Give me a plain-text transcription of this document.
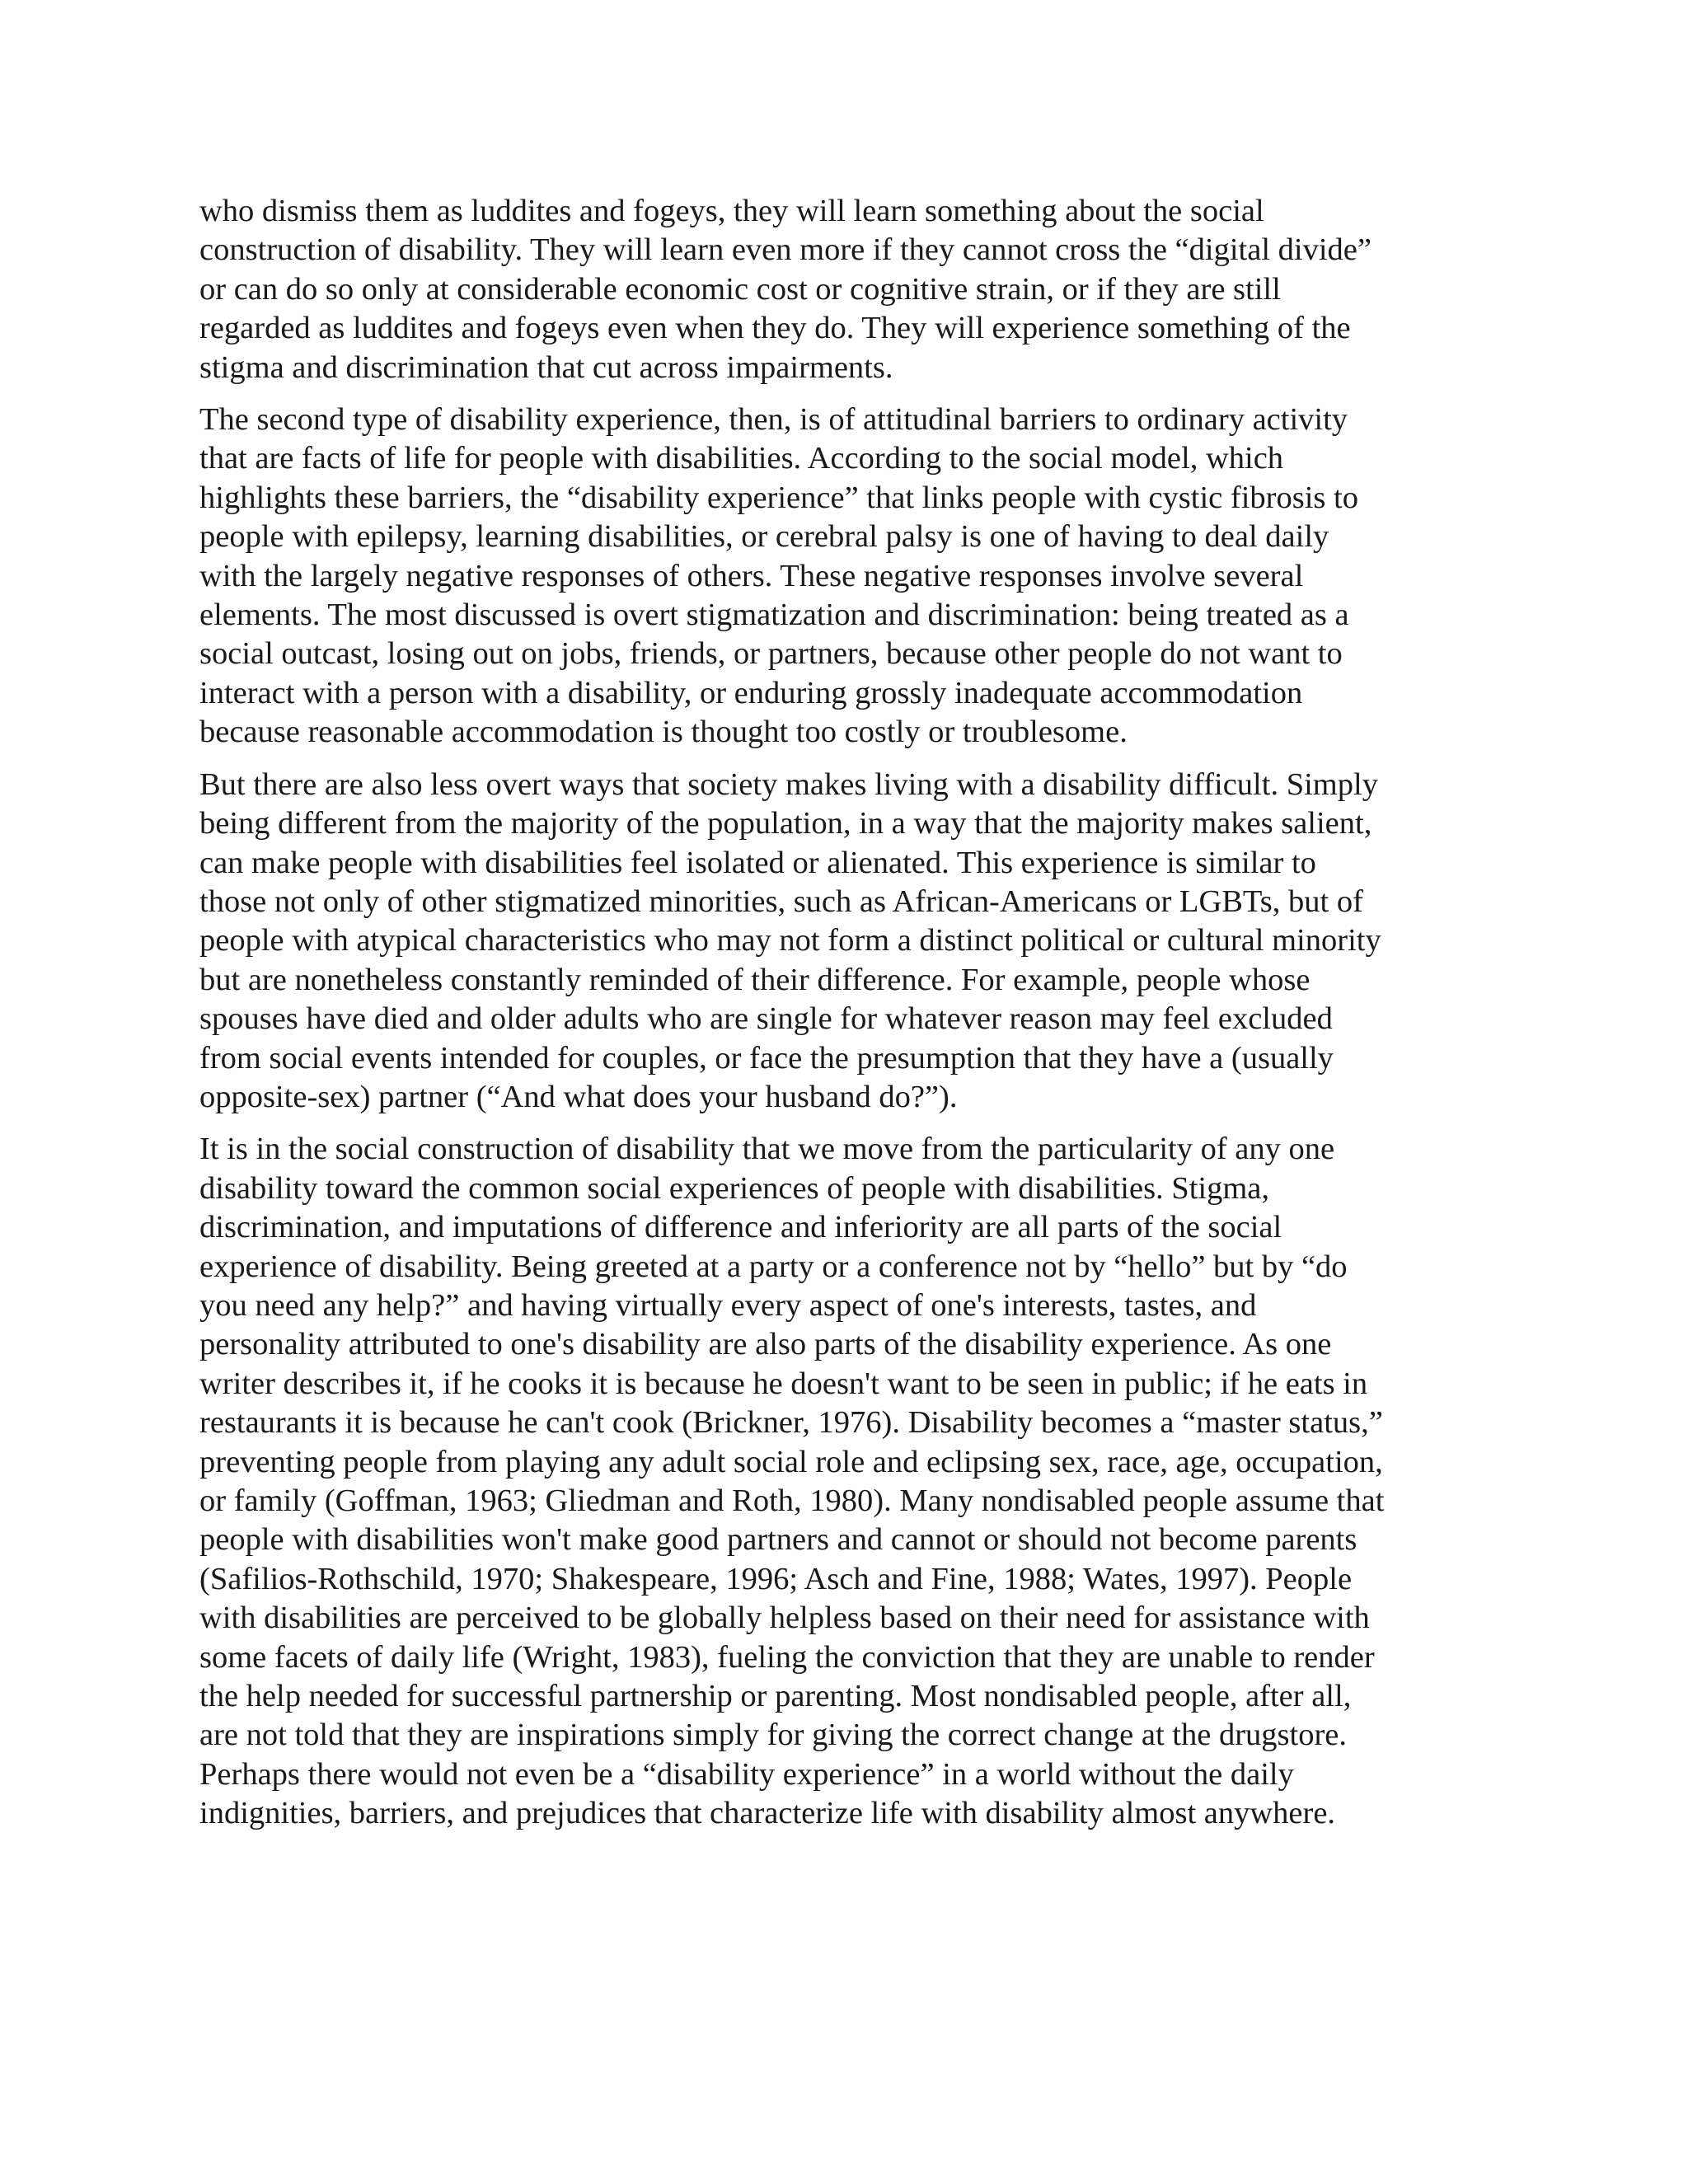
who dismiss them as luddites and fogeys, they will learn something about the social
construction of disability. They will learn even more if they cannot cross the “digital divide”
or can do so only at considerable economic cost or cognitive strain, or if they are still
regarded as luddites and fogeys even when they do. They will experience something of the
stigma and discrimination that cut across impairments.

The second type of disability experience, then, is of attitudinal barriers to ordinary activity
that are facts of life for people with disabilities. According to the social model, which
highlights these barriers, the “disability experience” that links people with cystic fibrosis to
people with epilepsy, learning disabilities, or cerebral palsy is one of having to deal daily
with the largely negative responses of others. These negative responses involve several
elements. The most discussed is overt stigmatization and discrimination: being treated as a
social outcast, losing out on jobs, friends, or partners, because other people do not want to
interact with a person with a disability, or enduring grossly inadequate accommodation
because reasonable accommodation is thought too costly or troublesome.

But there are also less overt ways that society makes living with a disability difficult. Simply
being different from the majority of the population, in a way that the majority makes salient,
can make people with disabilities feel isolated or alienated. This experience is similar to
those not only of other stigmatized minorities, such as African-Americans or LGBTs, but of
people with atypical characteristics who may not form a distinct political or cultural minority
but are nonetheless constantly reminded of their difference. For example, people whose
spouses have died and older adults who are single for whatever reason may feel excluded
from social events intended for couples, or face the presumption that they have a (usually
opposite-sex) partner (“And what does your husband do?”).

It is in the social construction of disability that we move from the particularity of any one
disability toward the common social experiences of people with disabilities. Stigma,
discrimination, and imputations of difference and inferiority are all parts of the social
experience of disability. Being greeted at a party or a conference not by “hello” but by “do
you need any help?” and having virtually every aspect of one's interests, tastes, and
personality attributed to one's disability are also parts of the disability experience. As one
writer describes it, if he cooks it is because he doesn't want to be seen in public; if he eats in
restaurants it is because he can't cook (Brickner, 1976). Disability becomes a “master status,”
preventing people from playing any adult social role and eclipsing sex, race, age, occupation,
or family (Goffman, 1963; Gliedman and Roth, 1980). Many nondisabled people assume that
people with disabilities won't make good partners and cannot or should not become parents
(Safilios-Rothschild, 1970; Shakespeare, 1996; Asch and Fine, 1988; Wates, 1997). People
with disabilities are perceived to be globally helpless based on their need for assistance with
some facets of daily life (Wright, 1983), fueling the conviction that they are unable to render
the help needed for successful partnership or parenting. Most nondisabled people, after all,
are not told that they are inspirations simply for giving the correct change at the drugstore.
Perhaps there would not even be a “disability experience” in a world without the daily
indignities, barriers, and prejudices that characterize life with disability almost anywhere.
